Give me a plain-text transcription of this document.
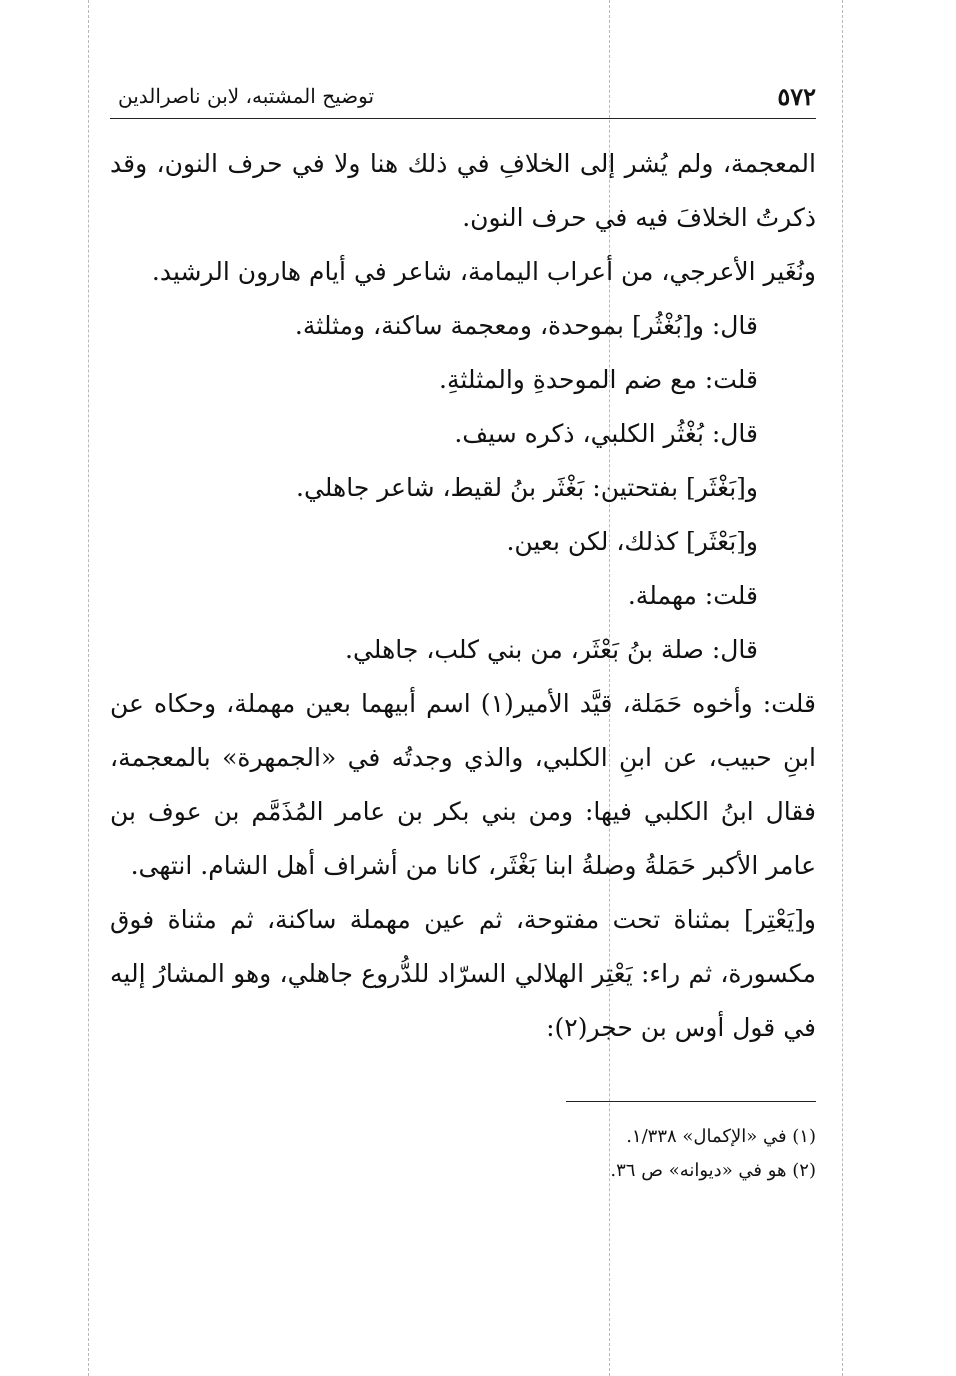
٥٧٢
توضيح المشتبه، لابن ناصرالدين

المعجمة، ولم يُشر إلى الخلافِ في ذلك هنا ولا في حرف النون، وقد ذكرتُ الخلافَ فيه في حرف النون.

ونُغَير الأعرجي، من أعراب اليمامة، شاعر في أيام هارون الرشيد.

قال: و[بُغْثُر] بموحدة، ومعجمة ساكنة، ومثلثة.

قلت: مع ضم الموحدةِ والمثلثةِ.

قال: بُغْثُر الكلبي، ذكره سيف.

و[بَغْثَر] بفتحتين: بَغْثَر بنُ لقيط، شاعر جاهلي.

و[بَعْثَر] كذلك، لكن بعين.

قلت: مهملة.

قال: صلة بنُ بَعْثَر، من بني كلب، جاهلي.

قلت: وأخوه حَمَلة، قيَّد الأمير(١) اسم أبيهما بعين مهملة، وحكاه عن ابنِ حبيب، عن ابنِ الكلبي، والذي وجدتُه في «الجمهرة» بالمعجمة، فقال ابنُ الكلبي فيها: ومن بني بكر بن عامر المُذَمَّم بن عوف بن عامر الأكبر حَمَلةُ وصلةُ ابنا بَغْثَر، كانا من أشراف أهل الشام. انتهى.

و[يَعْتِر] بمثناة تحت مفتوحة، ثم عين مهملة ساكنة، ثم مثناة فوق مكسورة، ثم راء: يَعْتِر الهلالي السرّاد للدُّروع جاهلي، وهو المشارُ إليه في قول أوس بن حجر(٢):

(١) في «الإكمال» ١/٣٣٨.

(٢) هو في «ديوانه» ص ٣٦.
